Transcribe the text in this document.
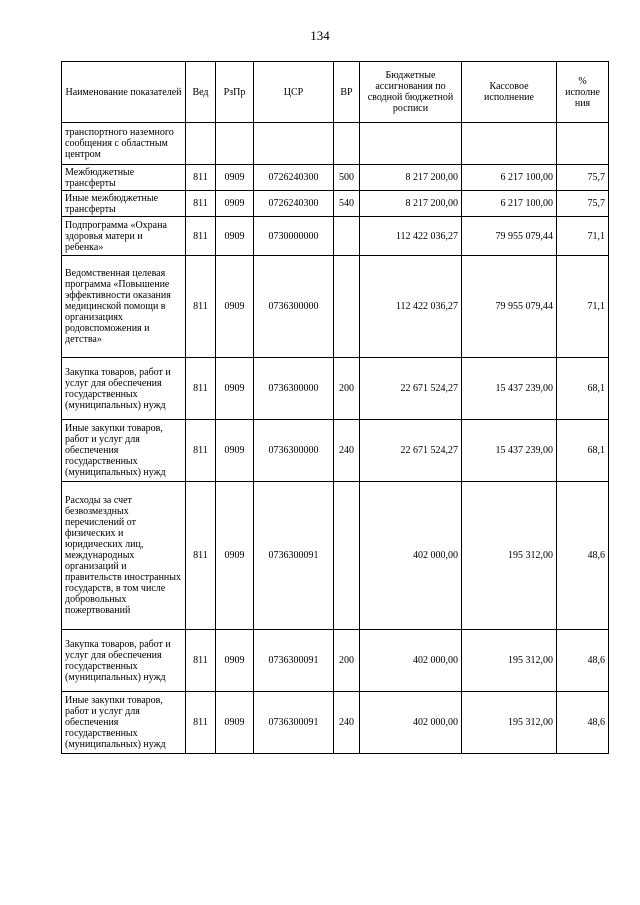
134
Наименование показателей	Вед	РзПр	ЦСР	ВР	Бюджетные ассигнования по сводной бюджетной росписи	Кассовое исполнение	% исполне ния
транспортного наземного сообщения с областным центром							
Межбюджетные трансферты	811	0909	0726240300	500	8 217 200,00	6 217 100,00	75,7
Иные межбюджетные трансферты	811	0909	0726240300	540	8 217 200,00	6 217 100,00	75,7
Подпрограмма «Охрана здоровья матери и ребенка»	811	0909	0730000000		112 422 036,27	79 955 079,44	71,1
Ведомственная целевая программа «Повышение эффективности оказания медицинской помощи в организациях родовспоможения и детства»	811	0909	0736300000		112 422 036,27	79 955 079,44	71,1
Закупка товаров, работ и услуг для обеспечения государственных (муниципальных) нужд	811	0909	0736300000	200	22 671 524,27	15 437 239,00	68,1
Иные закупки товаров, работ и услуг для обеспечения государственных (муниципальных) нужд	811	0909	0736300000	240	22 671 524,27	15 437 239,00	68,1
Расходы за счет безвозмездных перечислений от физических и юридических лиц, международных организаций и правительств иностранных государств, в том числе добровольных пожертвований	811	0909	0736300091		402 000,00	195 312,00	48,6
Закупка товаров, работ и услуг для обеспечения государственных (муниципальных) нужд	811	0909	0736300091	200	402 000,00	195 312,00	48,6
Иные закупки товаров, работ и услуг для обеспечения государственных (муниципальных) нужд	811	0909	0736300091	240	402 000,00	195 312,00	48,6
